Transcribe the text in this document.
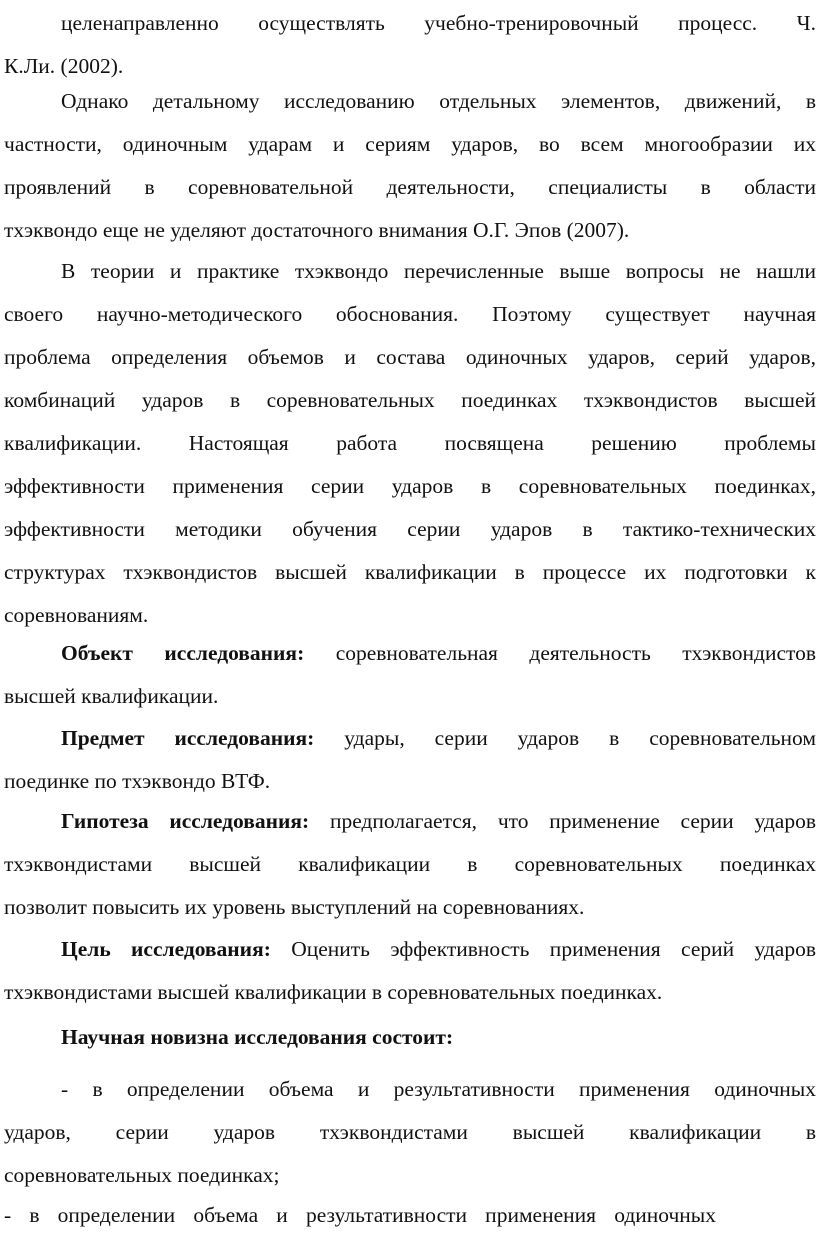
целенаправленно осуществлять учебно-тренировочный процесс. Ч.
К.Ли. (2002).
Однако детальному исследованию отдельных элементов, движений, в
частности, одиночным ударам и сериям ударов, во всем многообразии их
проявлений в соревновательной деятельности, специалисты в области
тхэквондо еще не уделяют достаточного внимания О.Г. Эпов (2007).
В теории и практике тхэквондо перечисленные выше вопросы не нашли
своего научно-методического обоснования. Поэтому существует научная
проблема определения объемов и состава одиночных ударов, серий ударов,
комбинаций ударов в соревновательных поединках тхэквондистов высшей
квалификации. Настоящая работа посвящена решению проблемы
эффективности применения серии ударов в соревновательных поединках,
эффективности методики обучения серии ударов в тактико-технических
структурах тхэквондистов высшей квалификации в процессе их подготовки к
соревнованиям.
Объект исследования: соревновательная деятельность тхэквондистов
высшей квалификации.
Предмет исследования: удары, серии ударов в соревновательном
поединке по тхэквондо ВТФ.
Гипотеза исследования: предполагается, что применение серии ударов
тхэквондистами высшей квалификации в соревновательных поединках
позволит повысить их уровень выступлений на соревнованиях.
Цель исследования: Оценить эффективность применения серий ударов
тхэквондистами высшей квалификации в соревновательных поединках.
Научная новизна исследования состоит:
- в определении объема и результативности применения одиночных
ударов, серии ударов тхэквондистами высшей квалификации в
соревновательных поединках;
- в определении объема и результативности применения одиночных
